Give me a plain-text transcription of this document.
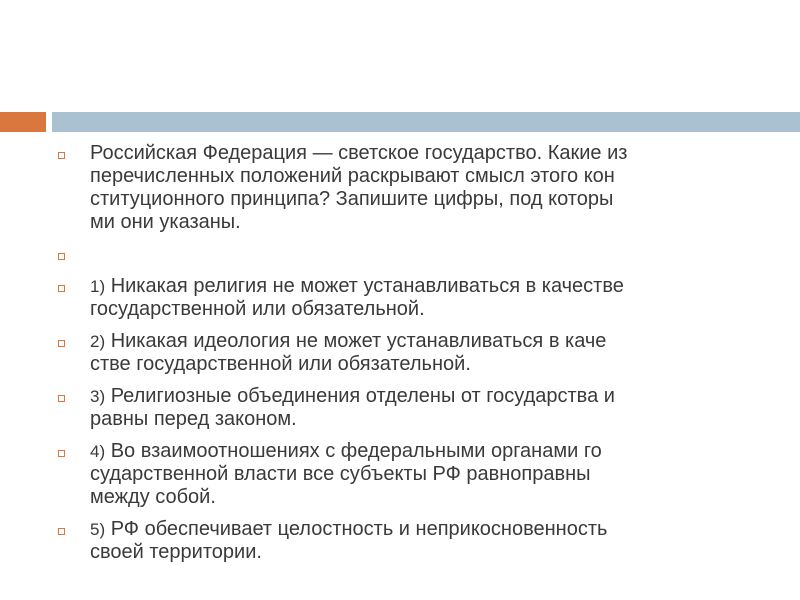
Российская Федерация — светское государство. Какие из
перечисленных положений раскрывают смысл этого кон
ституционного принципа? Запишите цифры, под которы
ми они указаны.
1) Никакая религия не может устанавливаться в качестве
государственной или обязательной.
2) Никакая идеология не может устанавливаться в каче
стве государственной или обязательной.
3) Религиозные объединения отделены от государства и
равны перед законом.
4) Во взаимоотношениях с федеральными органами го
сударственной власти все субъекты РФ равноправны
между собой.
5) РФ обеспечивает целостность и неприкосновенность
своей территории.
